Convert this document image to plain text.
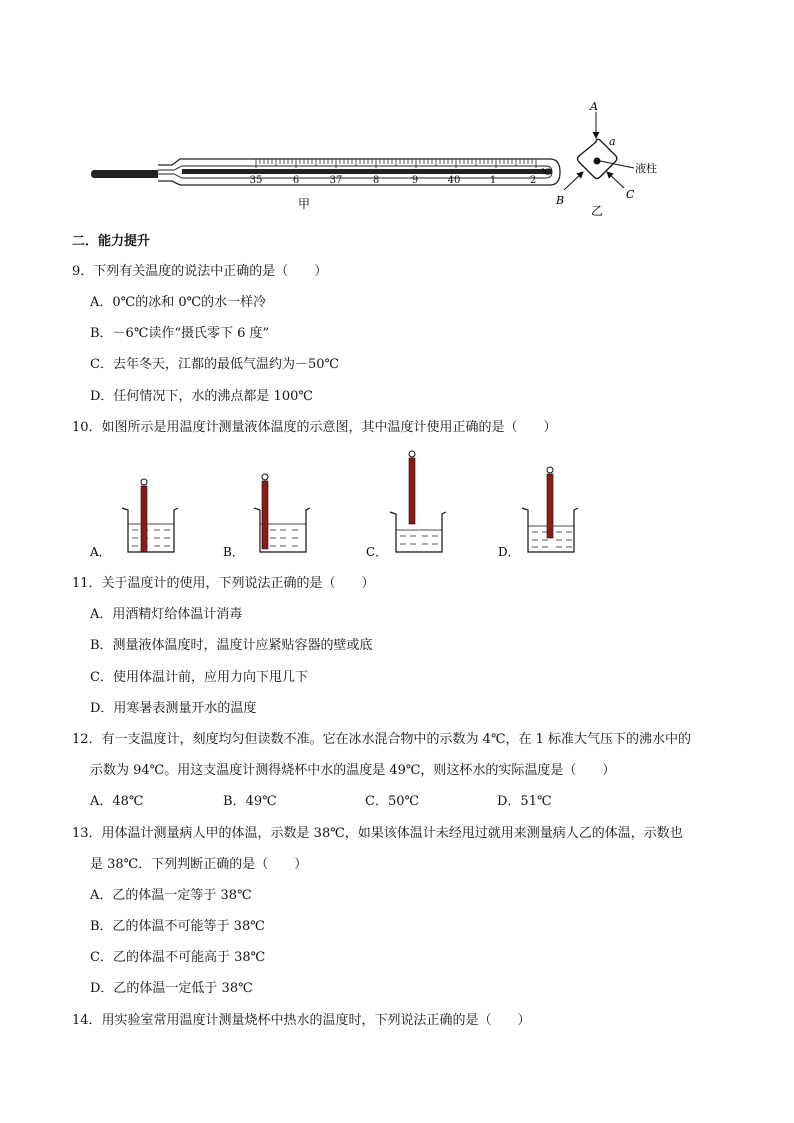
35	6	37	8	9	40	1	2
℃
甲
A
a
液柱
B	C
乙
二．能力提升
9．下列有关温度的说法中正确的是（　　）
A．0℃的冰和 0℃的水一样冷
B．－6℃读作“摄氏零下 6 度”
C．去年冬天，江都的最低气温约为－50℃
D．任何情况下，水的沸点都是 100℃
10．如图所示是用温度计测量液体温度的示意图，其中温度计使用正确的是（　　）
A．	B．	C．	D．
11．关于温度计的使用，下列说法正确的是（　　）
A．用酒精灯给体温计消毒
B．测量液体温度时，温度计应紧贴容器的壁或底
C．使用体温计前，应用力向下甩几下
D．用寒暑表测量开水的温度
12．有一支温度计，刻度均匀但读数不准。它在冰水混合物中的示数为 4℃，在 1 标准大气压下的沸水中的
示数为 94℃。用这支温度计测得烧杯中水的温度是 49℃，则这杯水的实际温度是（　　）
A．48℃	B．49℃	C．50℃	D．51℃
13．用体温计测量病人甲的体温，示数是 38℃，如果该体温计未经甩过就用来测量病人乙的体温，示数也
是 38℃．下列判断正确的是（　　）
A．乙的体温一定等于 38℃
B．乙的体温不可能等于 38℃
C．乙的体温不可能高于 38℃
D．乙的体温一定低于 38℃
14．用实验室常用温度计测量烧杯中热水的温度时，下列说法正确的是（　　）
